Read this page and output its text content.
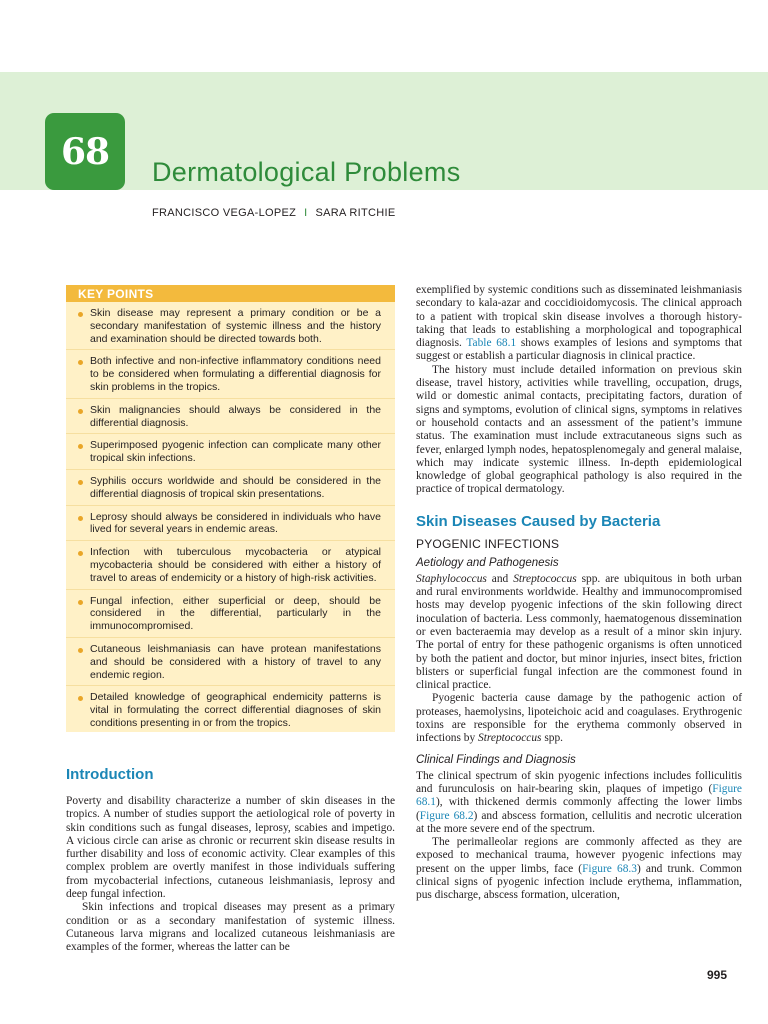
68 Dermatological Problems
FRANCISCO VEGA-LOPEZ I SARA RITCHIE
KEY POINTS
Skin disease may represent a primary condition or be a secondary manifestation of systemic illness and the history and examination should be directed towards both.
Both infective and non-infective inflammatory conditions need to be considered when formulating a differential diagnosis for skin problems in the tropics.
Skin malignancies should always be considered in the differential diagnosis.
Superimposed pyogenic infection can complicate many other tropical skin infections.
Syphilis occurs worldwide and should be considered in the differential diagnosis of tropical skin presentations.
Leprosy should always be considered in individuals who have lived for several years in endemic areas.
Infection with tuberculous mycobacteria or atypical mycobacteria should be considered with either a history of travel to areas of endemicity or a history of high-risk activities.
Fungal infection, either superficial or deep, should be considered in the differential, particularly in the immunocompromised.
Cutaneous leishmaniasis can have protean manifestations and should be considered with a history of travel to any endemic region.
Detailed knowledge of geographical endemicity patterns is vital in formulating the correct differential diagnoses of skin conditions presenting in or from the tropics.
Introduction

Poverty and disability characterize a number of skin diseases in the tropics. A number of studies support the aetiological role of poverty in skin conditions such as fungal diseases, leprosy, scabies and impetigo. A vicious circle can arise as chronic or recurrent skin disease results in further disability and loss of economic activity. Clear examples of this complex problem are overtly manifest in those individuals suffering from mycobacterial infections, cutaneous leishmaniasis, leprosy and deep fungal infection.

Skin infections and tropical diseases may present as a primary condition or as a secondary manifestation of systemic illness. Cutaneous larva migrans and localized cutaneous leishmaniasis are examples of the former, whereas the latter can be

exemplified by systemic conditions such as disseminated leishmaniasis secondary to kala-azar and coccidioidomycosis. The clinical approach to a patient with tropical skin disease involves a thorough history-taking that leads to establishing a morphological and topographical diagnosis. Table 68.1 shows examples of lesions and symptoms that suggest or establish a particular diagnosis in clinical practice.

The history must include detailed information on previous skin disease, travel history, activities while travelling, occupation, drugs, wild or domestic animal contacts, precipitating factors, duration of signs and symptoms, evolution of clinical signs, symptoms in relatives or household contacts and an assessment of the patient’s immune status. The examination must include extracutaneous signs such as fever, enlarged lymph nodes, hepatosplenomegaly and general malaise, which may indicate systemic illness. In-depth epidemiological knowledge of global geographical pathology is also required in the practice of tropical dermatology.

Skin Diseases Caused by Bacteria
PYOGENIC INFECTIONS
Aetiology and Pathogenesis

Staphylococcus and Streptococcus spp. are ubiquitous in both urban and rural environments worldwide. Healthy and immunocompromised hosts may develop pyogenic infections of the skin following direct inoculation of bacteria. Less commonly, haematogenous dissemination or even bacteraemia may develop as a result of a minor skin injury. The portal of entry for these pathogenic organisms is often unnoticed by both the patient and doctor, but minor injuries, insect bites, friction blisters or superficial fungal infection are the commonest found in clinical practice.

Pyogenic bacteria cause damage by the pathogenic action of proteases, haemolysins, lipoteichoic acid and coagulases. Erythrogenic toxins are responsible for the erythema commonly observed in infections by Streptococcus spp.

Clinical Findings and Diagnosis

The clinical spectrum of skin pyogenic infections includes folliculitis and furunculosis on hair-bearing skin, plaques of impetigo (Figure 68.1), with thickened dermis commonly affecting the lower limbs (Figure 68.2) and abscess formation, cellulitis and necrotic ulceration at the more severe end of the spectrum.

The perimalleolar regions are commonly affected as they are exposed to mechanical trauma, however pyogenic infections may present on the upper limbs, face (Figure 68.3) and trunk. Common clinical signs of pyogenic infection include erythema, inflammation, pus discharge, abscess formation, ulceration,

995
